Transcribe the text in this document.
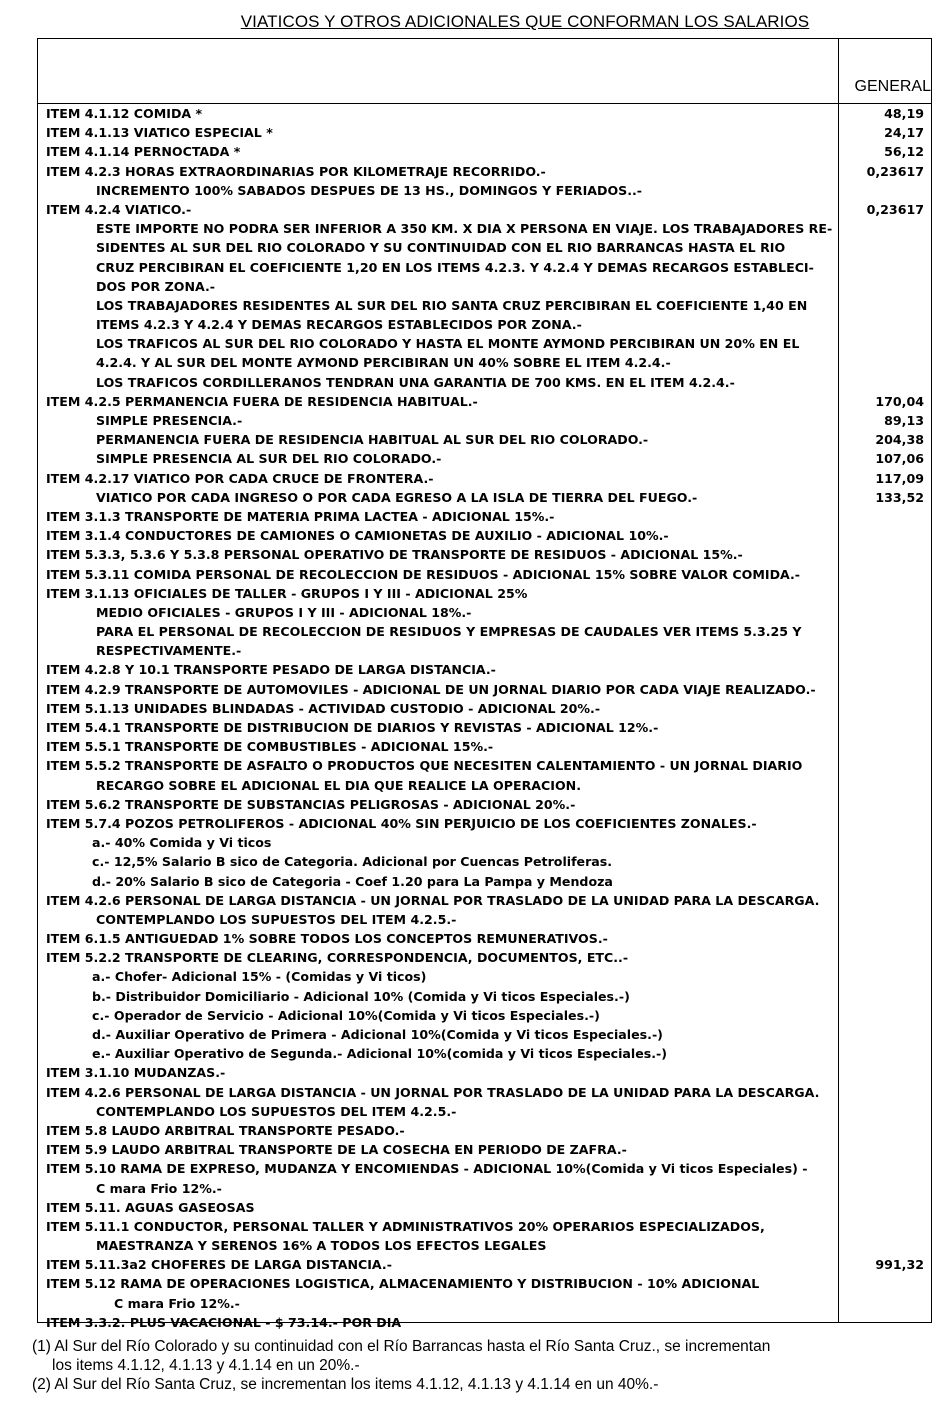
VIATICOS Y OTROS ADICIONALES QUE CONFORMAN LOS SALARIOS
GENERAL
ITEM 4.1.12 COMIDA *	48,19
ITEM 4.1.13 VIATICO ESPECIAL *	24,17
ITEM 4.1.14 PERNOCTADA *	56,12
ITEM 4.2.3 HORAS EXTRAORDINARIAS POR KILOMETRAJE RECORRIDO.-	0,23617
INCREMENTO 100% SABADOS DESPUES DE 13 HS., DOMINGOS Y FERIADOS..-
ITEM 4.2.4 VIATICO.-	0,23617
ESTE IMPORTE NO PODRA SER INFERIOR A 350 KM. X DIA X PERSONA EN VIAJE. LOS TRABAJADORES RE-
SIDENTES AL SUR DEL RIO COLORADO Y SU CONTINUIDAD CON EL RIO BARRANCAS HASTA EL RIO
CRUZ PERCIBIRAN EL COEFICIENTE 1,20 EN LOS ITEMS 4.2.3. Y 4.2.4 Y DEMAS RECARGOS ESTABLECI-
DOS POR ZONA.-
LOS TRABAJADORES RESIDENTES AL SUR DEL RIO SANTA CRUZ PERCIBIRAN EL COEFICIENTE 1,40 EN
ITEMS 4.2.3 Y 4.2.4 Y DEMAS RECARGOS ESTABLECIDOS POR ZONA.-
LOS TRAFICOS AL SUR DEL RIO COLORADO Y HASTA EL MONTE AYMOND PERCIBIRAN UN 20% EN EL
4.2.4. Y AL SUR DEL MONTE AYMOND PERCIBIRAN UN 40% SOBRE EL ITEM 4.2.4.-
LOS TRAFICOS CORDILLERANOS TENDRAN UNA GARANTIA DE 700 KMS. EN EL ITEM 4.2.4.-
ITEM 4.2.5 PERMANENCIA FUERA DE RESIDENCIA HABITUAL.-	170,04
SIMPLE PRESENCIA.-	89,13
PERMANENCIA FUERA DE RESIDENCIA HABITUAL AL SUR DEL RIO COLORADO.-	204,38
SIMPLE PRESENCIA AL SUR DEL RIO COLORADO.-	107,06
ITEM 4.2.17 VIATICO POR CADA CRUCE DE FRONTERA.-	117,09
VIATICO POR CADA INGRESO O POR CADA EGRESO A LA ISLA DE TIERRA DEL FUEGO.-	133,52
ITEM 3.1.3 TRANSPORTE DE MATERIA PRIMA LACTEA - ADICIONAL 15%.-
ITEM 3.1.4 CONDUCTORES DE CAMIONES O CAMIONETAS DE AUXILIO - ADICIONAL 10%.-
ITEM 5.3.3, 5.3.6 Y 5.3.8 PERSONAL OPERATIVO DE TRANSPORTE DE RESIDUOS - ADICIONAL 15%.-
ITEM 5.3.11 COMIDA PERSONAL DE RECOLECCION DE RESIDUOS - ADICIONAL 15% SOBRE VALOR COMIDA.-
ITEM 3.1.13 OFICIALES DE TALLER - GRUPOS I Y III - ADICIONAL 25%
MEDIO OFICIALES - GRUPOS I Y III - ADICIONAL 18%.-
PARA EL PERSONAL DE RECOLECCION DE RESIDUOS Y EMPRESAS DE CAUDALES VER ITEMS 5.3.25 Y
RESPECTIVAMENTE.-
ITEM 4.2.8 Y 10.1 TRANSPORTE PESADO DE LARGA DISTANCIA.-
ITEM 4.2.9 TRANSPORTE DE AUTOMOVILES - ADICIONAL DE UN JORNAL DIARIO POR CADA VIAJE REALIZADO.-
ITEM 5.1.13 UNIDADES BLINDADAS - ACTIVIDAD CUSTODIO - ADICIONAL 20%.-
ITEM 5.4.1 TRANSPORTE DE DISTRIBUCION DE DIARIOS Y REVISTAS - ADICIONAL 12%.-
ITEM 5.5.1 TRANSPORTE DE COMBUSTIBLES - ADICIONAL 15%.-
ITEM 5.5.2 TRANSPORTE DE ASFALTO O PRODUCTOS QUE NECESITEN CALENTAMIENTO - UN JORNAL DIARIO
RECARGO SOBRE EL ADICIONAL EL DIA QUE REALICE LA OPERACION.
ITEM 5.6.2 TRANSPORTE DE SUBSTANCIAS PELIGROSAS - ADICIONAL 20%.-
ITEM 5.7.4 POZOS PETROLIFEROS - ADICIONAL 40% SIN PERJUICIO DE LOS COEFICIENTES ZONALES.-
a.- 40% Comida y Vi ticos
c.- 12,5% Salario B sico de Categoria. Adicional por Cuencas Petroliferas.
d.- 20% Salario B sico de Categoria - Coef 1.20 para La Pampa y Mendoza
ITEM 4.2.6 PERSONAL DE LARGA DISTANCIA - UN JORNAL POR TRASLADO DE LA UNIDAD PARA LA DESCARGA.
CONTEMPLANDO LOS SUPUESTOS DEL ITEM 4.2.5.-
ITEM 6.1.5 ANTIGUEDAD 1% SOBRE TODOS LOS CONCEPTOS REMUNERATIVOS.-
ITEM 5.2.2 TRANSPORTE DE CLEARING, CORRESPONDENCIA, DOCUMENTOS, ETC..-
a.- Chofer- Adicional 15% - (Comidas y Vi ticos)
b.- Distribuidor Domiciliario - Adicional 10% (Comida y Vi ticos Especiales.-)
c.- Operador de Servicio - Adicional 10%(Comida y Vi ticos Especiales.-)
d.- Auxiliar Operativo de Primera - Adicional 10%(Comida y Vi ticos Especiales.-)
e.- Auxiliar Operativo de Segunda.- Adicional 10%(comida y Vi ticos Especiales.-)
ITEM 3.1.10 MUDANZAS.-
ITEM 4.2.6 PERSONAL DE LARGA DISTANCIA - UN JORNAL POR TRASLADO DE LA UNIDAD PARA LA DESCARGA.
CONTEMPLANDO LOS SUPUESTOS DEL ITEM 4.2.5.-
ITEM 5.8 LAUDO ARBITRAL TRANSPORTE PESADO.-
ITEM 5.9 LAUDO ARBITRAL TRANSPORTE DE LA COSECHA EN PERIODO DE ZAFRA.-
ITEM 5.10 RAMA DE EXPRESO, MUDANZA Y ENCOMIENDAS - ADICIONAL 10%(Comida y Vi ticos Especiales) -
C mara Frio 12%.-
ITEM 5.11. AGUAS GASEOSAS
ITEM 5.11.1 CONDUCTOR, PERSONAL TALLER Y ADMINISTRATIVOS 20% OPERARIOS ESPECIALIZADOS,
MAESTRANZA Y SERENOS 16% A TODOS LOS EFECTOS LEGALES
ITEM 5.11.3a2 CHOFERES DE LARGA DISTANCIA.-	991,32
ITEM 5.12 RAMA DE OPERACIONES LOGISTICA, ALMACENAMIENTO Y DISTRIBUCION - 10% ADICIONAL
C mara Frio 12%.-
ITEM 3.3.2. PLUS VACACIONAL - $ 73.14.- POR DIA
(1) Al Sur del Río Colorado y su continuidad con el Río Barrancas hasta el Río Santa Cruz., se incrementan
los items 4.1.12, 4.1.13 y 4.1.14 en un 20%.-
(2) Al Sur del Río Santa Cruz, se incrementan los items 4.1.12, 4.1.13 y 4.1.14 en un 40%.-
